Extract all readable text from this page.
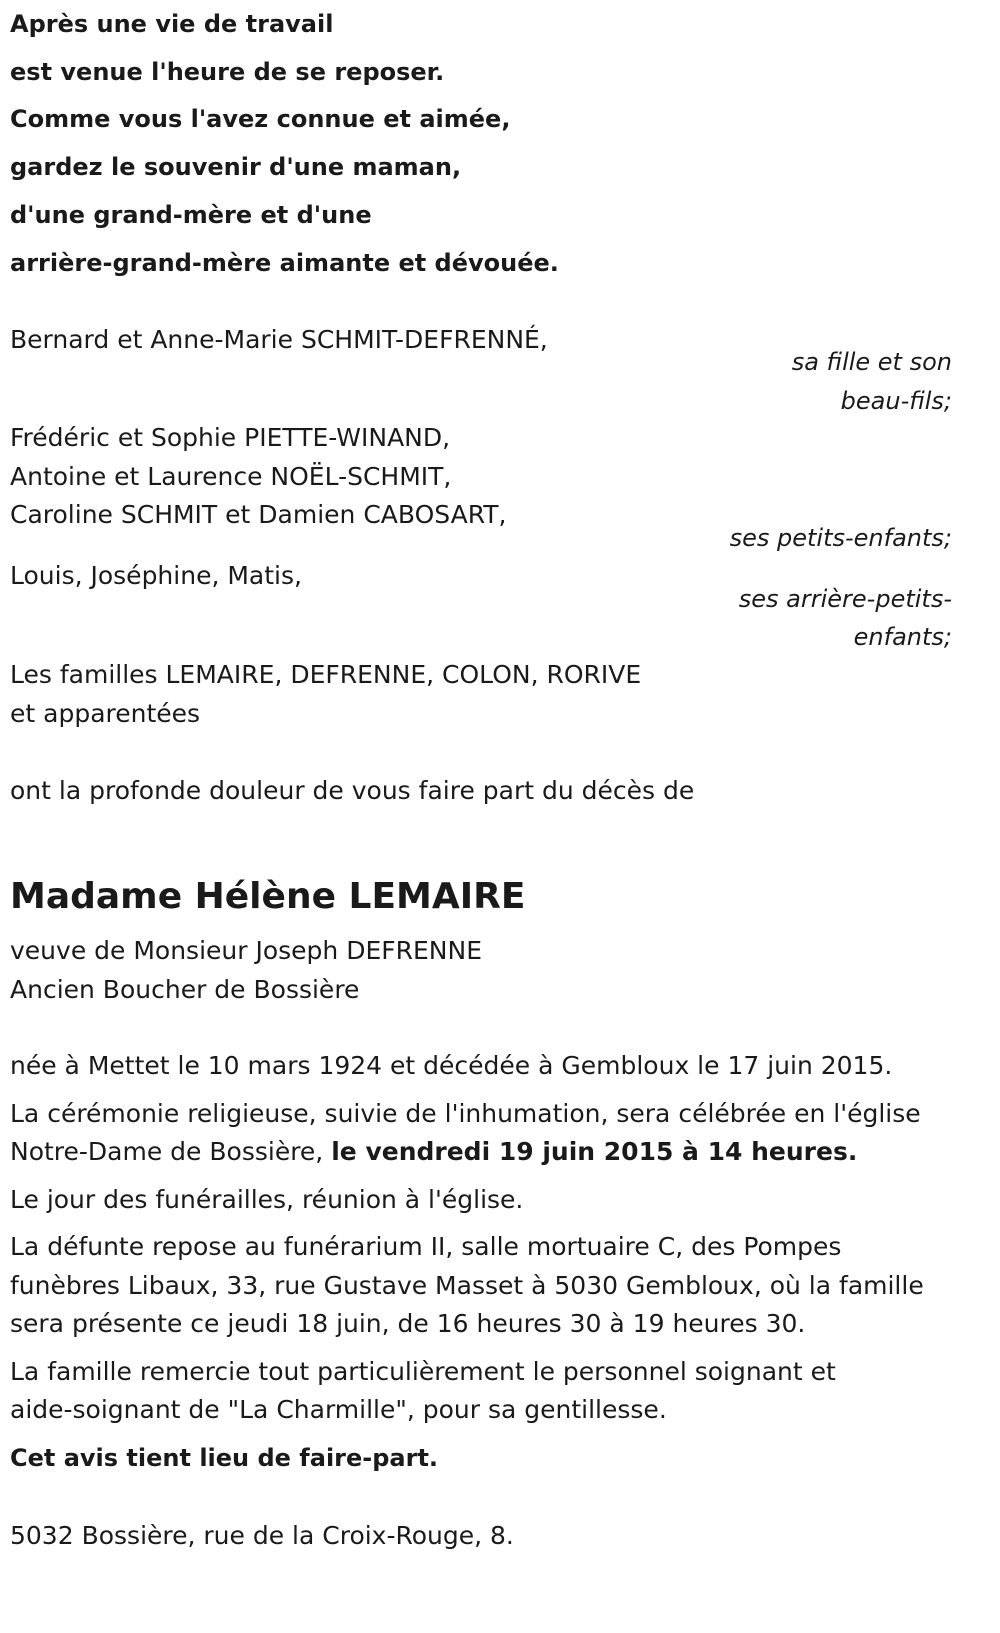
Après une vie de travail
est venue l'heure de se reposer.
Comme vous l'avez connue et aimée,
gardez le souvenir d'une maman,
d'une grand-mère et d'une
arrière-grand-mère aimante et dévouée.
Bernard et Anne-Marie SCHMIT-DEFRENNÉ,
sa fille et son
beau-fils;
Frédéric et Sophie PIETTE-WINAND,
Antoine et Laurence NOËL-SCHMIT,
Caroline SCHMIT et Damien CABOSART,
ses petits-enfants;
Louis, Joséphine, Matis,
ses arrière-petits-
enfants;
Les familles LEMAIRE, DEFRENNE, COLON, RORIVE
et apparentées
ont la profonde douleur de vous faire part du décès de
Madame Hélène LEMAIRE
veuve de Monsieur Joseph DEFRENNE
Ancien Boucher de Bossière
née à Mettet le 10 mars 1924 et décédée à Gembloux le 17 juin 2015.
La cérémonie religieuse, suivie de l'inhumation, sera célébrée en l'église
Notre-Dame de Bossière, le vendredi 19 juin 2015 à 14 heures.
Le jour des funérailles, réunion à l'église.
La défunte repose au funérarium II, salle mortuaire C, des Pompes
funèbres Libaux, 33, rue Gustave Masset à 5030 Gembloux, où la famille
sera présente ce jeudi 18 juin, de 16 heures 30 à 19 heures 30.
La famille remercie tout particulièrement le personnel soignant et
aide-soignant de "La Charmille", pour sa gentillesse.
Cet avis tient lieu de faire-part.
5032 Bossière, rue de la Croix-Rouge, 8.
